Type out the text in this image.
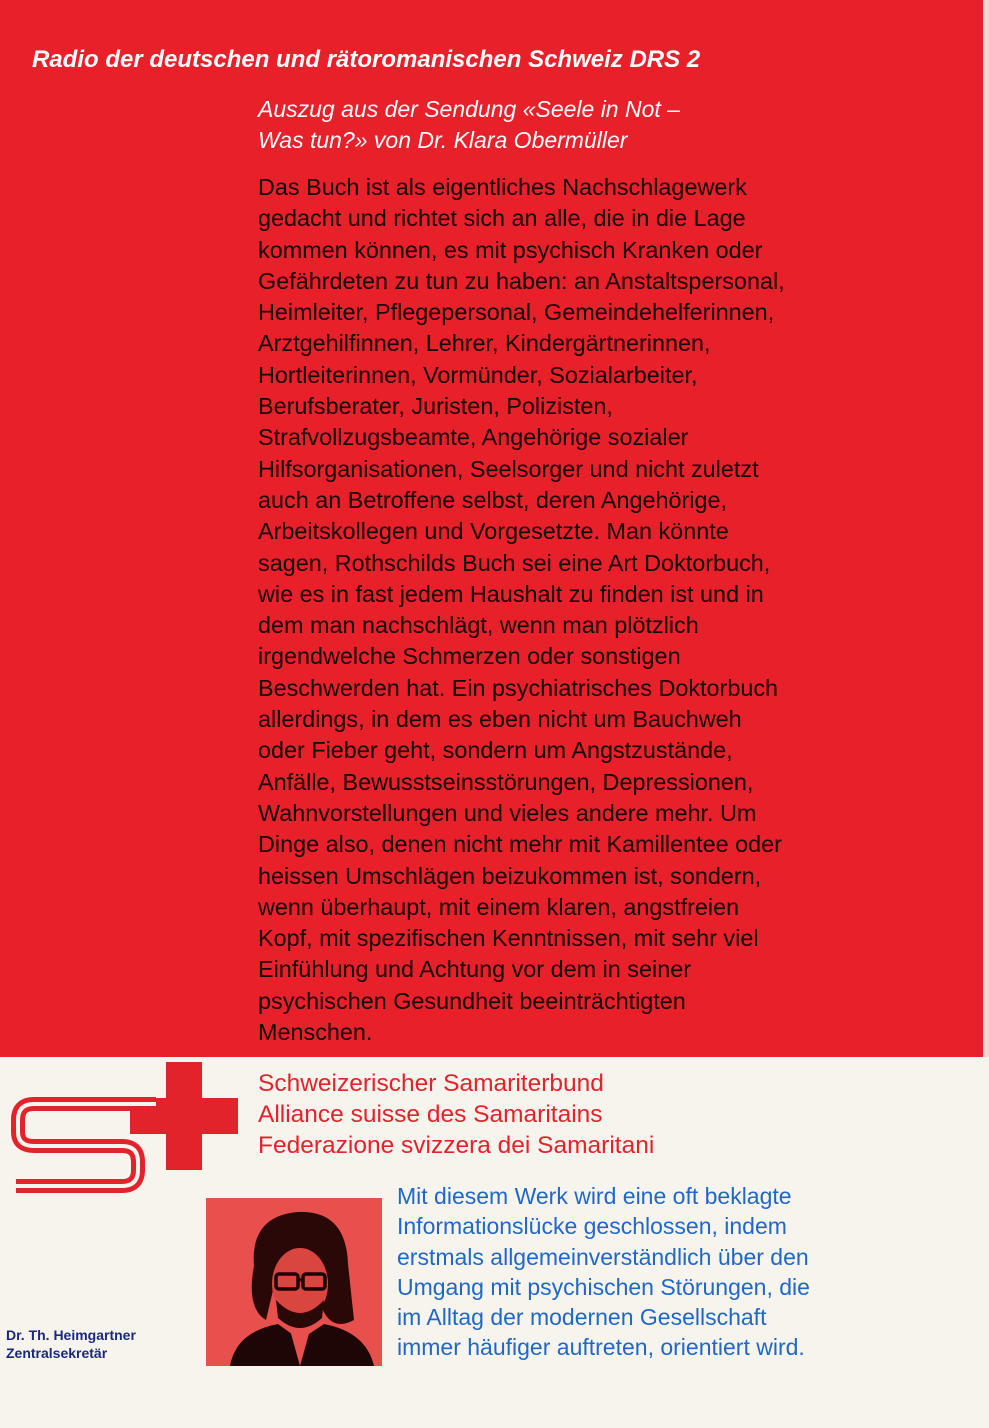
Radio der deutschen und rätoromanischen Schweiz DRS 2
Auszug aus der Sendung «Seele in Not –
Was tun?» von Dr. Klara Obermüller
Das Buch ist als eigentliches Nachschlagewerk
gedacht und richtet sich an alle, die in die Lage
kommen können, es mit psychisch Kranken oder
Gefährdeten zu tun zu haben: an Anstaltspersonal,
Heimleiter, Pflegepersonal, Gemeindehelferinnen,
Arztgehilfinnen, Lehrer, Kindergärtnerinnen,
Hortleiterinnen, Vormünder, Sozialarbeiter,
Berufsberater, Juristen, Polizisten,
Strafvollzugsbeamte, Angehörige sozialer
Hilfsorganisationen, Seelsorger und nicht zuletzt
auch an Betroffene selbst, deren Angehörige,
Arbeitskollegen und Vorgesetzte. Man könnte
sagen, Rothschilds Buch sei eine Art Doktorbuch,
wie es in fast jedem Haushalt zu finden ist und in
dem man nachschlägt, wenn man plötzlich
irgendwelche Schmerzen oder sonstigen
Beschwerden hat. Ein psychiatrisches Doktorbuch
allerdings, in dem es eben nicht um Bauchweh
oder Fieber geht, sondern um Angstzustände,
Anfälle, Bewusstseinsstörungen, Depressionen,
Wahnvorstellungen und vieles andere mehr. Um
Dinge also, denen nicht mehr mit Kamillentee oder
heissen Umschlägen beizukommen ist, sondern,
wenn überhaupt, mit einem klaren, angstfreien
Kopf, mit spezifischen Kenntnissen, mit sehr viel
Einfühlung und Achtung vor dem in seiner
psychischen Gesundheit beeinträchtigten
Menschen.
Schweizerischer Samariterbund
Alliance suisse des Samaritains
Federazione svizzera dei Samaritani
Dr. Th. Heimgartner
Zentralsekretär
Mit diesem Werk wird eine oft beklagte
Informationslücke geschlossen, indem
erstmals allgemeinverständlich über den
Umgang mit psychischen Störungen, die
im Alltag der modernen Gesellschaft
immer häufiger auftreten, orientiert wird.
